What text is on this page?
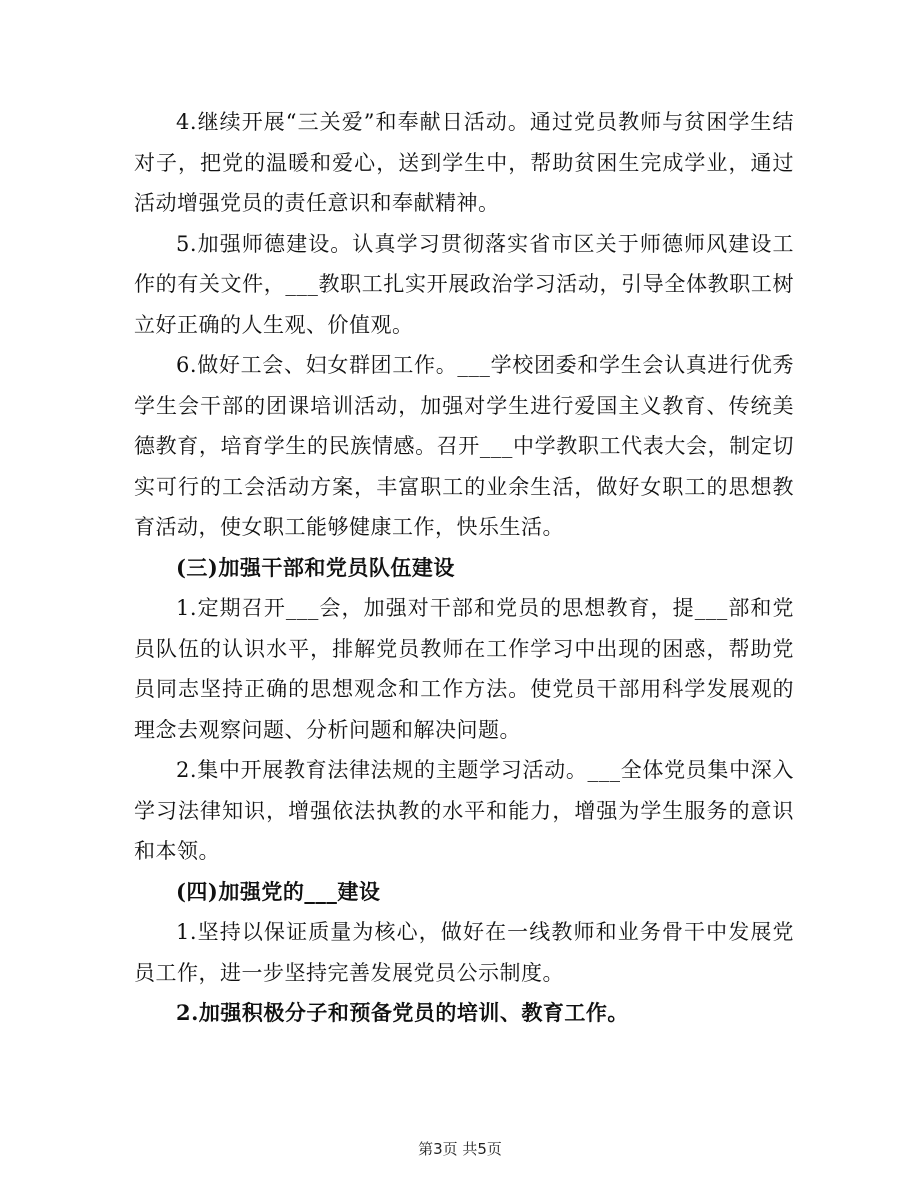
4.继续开展“三关爱”和奉献日活动。通过党员教师与贫困学生结对子，把党的温暖和爱心，送到学生中，帮助贫困生完成学业，通过活动增强党员的责任意识和奉献精神。

5.加强师德建设。认真学习贯彻落实省市区关于师德师风建设工作的有关文件，___教职工扎实开展政治学习活动，引导全体教职工树立好正确的人生观、价值观。

6.做好工会、妇女群团工作。___学校团委和学生会认真进行优秀学生会干部的团课培训活动，加强对学生进行爱国主义教育、传统美德教育，培育学生的民族情感。召开___中学教职工代表大会，制定切实可行的工会活动方案，丰富职工的业余生活，做好女职工的思想教育活动，使女职工能够健康工作，快乐生活。

(三)加强干部和党员队伍建设

1.定期召开___会，加强对干部和党员的思想教育，提___部和党员队伍的认识水平，排解党员教师在工作学习中出现的困惑，帮助党员同志坚持正确的思想观念和工作方法。使党员干部用科学发展观的理念去观察问题、分析问题和解决问题。

2.集中开展教育法律法规的主题学习活动。___全体党员集中深入学习法律知识，增强依法执教的水平和能力，增强为学生服务的意识和本领。

(四)加强党的___建设

1.坚持以保证质量为核心，做好在一线教师和业务骨干中发展党员工作，进一步坚持完善发展党员公示制度。

2.加强积极分子和预备党员的培训、教育工作。

第3页 共5页
